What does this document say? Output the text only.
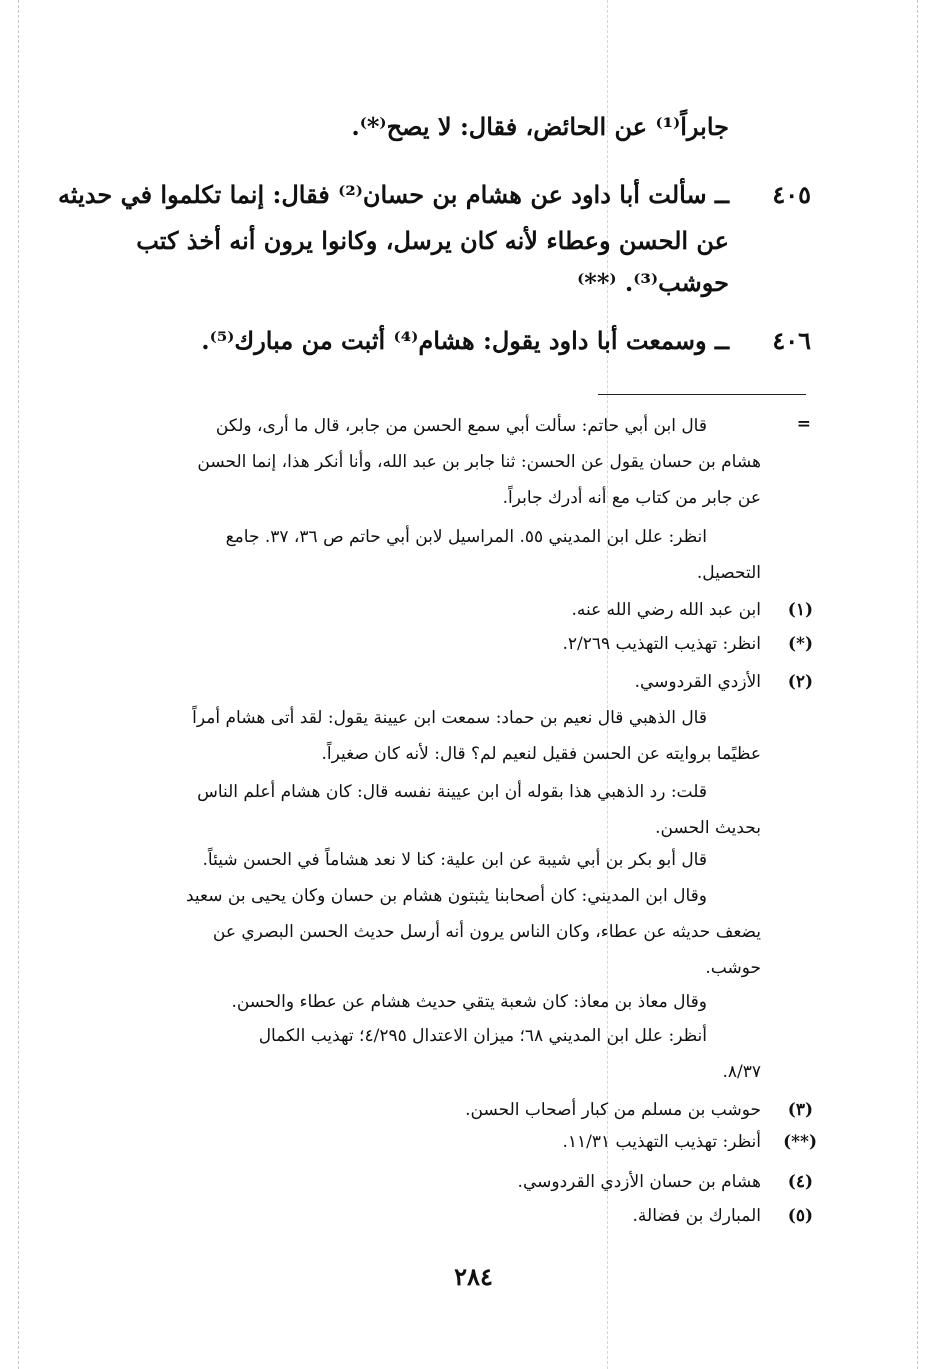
جابراً⁽¹⁾ عن الحائض، فقال: لا يصح⁽*⁾.
٤٠٥
ــ سألت أبا داود عن هشام بن حسان⁽²⁾ فقال: إنما تكلموا في حديثه
عن الحسن وعطاء لأنه كان يرسل، وكانوا يرون أنه أخذ كتب
حوشب⁽³⁾. ⁽**⁾
٤٠٦
ــ وسمعت أبا داود يقول: هشام⁽⁴⁾ أثبت من مبارك⁽⁵⁾.
=
قال ابن أبي حاتم: سألت أبي سمع الحسن من جابر، قال ما أرى، ولكن
هشام بن حسان يقول عن الحسن: ثنا جابر بن عبد الله، وأنا أنكر هذا، إنما الحسن
عن جابر من كتاب مع أنه أدرك جابراً.
انظر: علل ابن المديني ٥٥. المراسيل لابن أبي حاتم ص ٣٦، ٣٧. جامع
التحصيل.
(١)
ابن عبد الله رضي الله عنه.
(*)
انظر: تهذيب التهذيب ٢/٢٦٩.
(٢)
الأزدي القردوسي.
قال الذهبي قال نعيم بن حماد: سمعت ابن عيينة يقول: لقد أتى هشام أمراً
عظيًما بروايته عن الحسن فقيل لنعيم لم؟ قال: لأنه كان صغيراً.
قلت: رد الذهبي هذا بقوله أن ابن عيينة نفسه قال: كان هشام أعلم الناس
بحديث الحسن.
قال أبو بكر بن أبي شيبة عن ابن علية: كنا لا نعد هشاماً في الحسن شيئاً.
وقال ابن المديني: كان أصحابنا يثبتون هشام بن حسان وكان يحيى بن سعيد
يضعف حديثه عن عطاء، وكان الناس يرون أنه أرسل حديث الحسن البصري عن
حوشب.
وقال معاذ بن معاذ: كان شعبة يتقي حديث هشام عن عطاء والحسن.
أنظر: علل ابن المديني ٦٨؛ ميزان الاعتدال ٤/٢٩٥؛ تهذيب الكمال
٨/٣٧.
(٣)
حوشب بن مسلم من كبار أصحاب الحسن.
(**)
أنظر: تهذيب التهذيب ١١/٣١.
(٤)
هشام بن حسان الأزدي القردوسي.
(٥)
المبارك بن فضالة.
٢٨٤
